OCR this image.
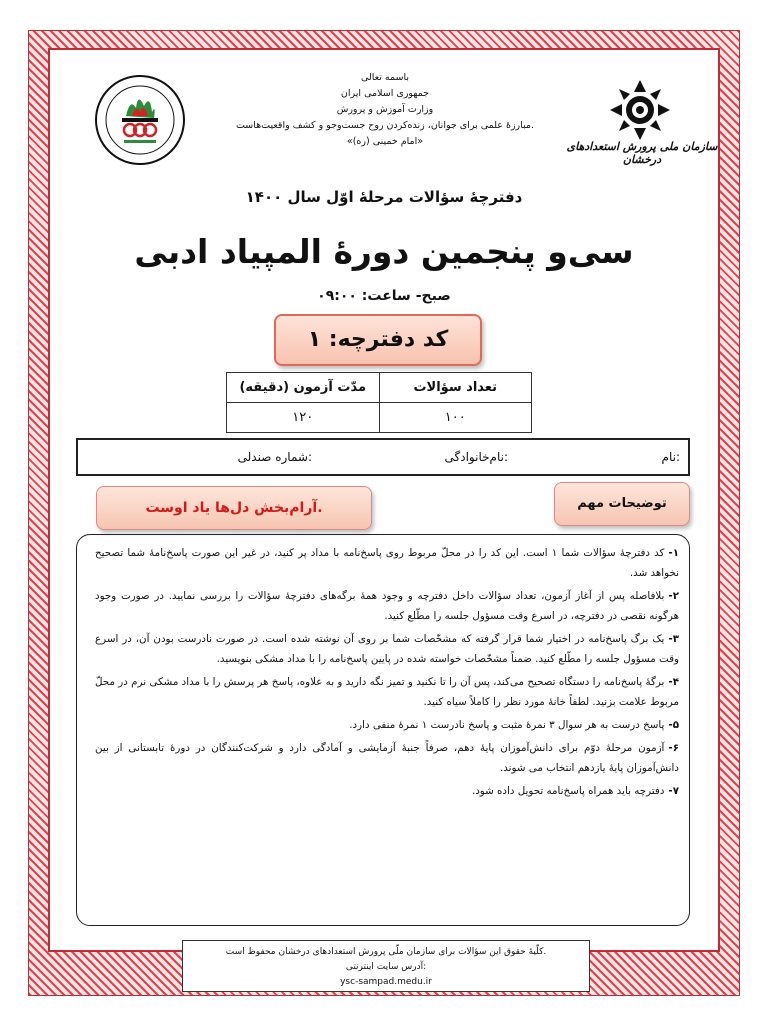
سازمان ملی پرورش استعدادهای درخشان
باسمه تعالی
جمهوری اسلامی ایران
وزارت آموزش و پرورش
مبارزهٔ علمی برای جوانان، زنده‌کردن روح جست‌وجو و کشف واقعیت‌هاست.
«امام خمینی (ره)»
دفترچهٔ سؤالات مرحلهٔ اوّل سال ۱۴۰۰
سی‌و پنجمین دورهٔ المپیاد ادبی
صبح- ساعت: ۰۹:۰۰
کد دفترچه: ۱
مدّت آزمون (دقیقه)	تعداد سؤالات
۱۲۰	۱۰۰
نام:
نام‌خانوادگی:
شماره صندلی:
توضیحات مهم
آرام‌بخش دل‌ها یاد اوست.
۱-کد دفترچهٔ سؤالات شما ۱ است. این کد را در محلّ مربوط روی پاسخ‌نامه با مداد پر کنید، در غیر این صورت پاسخ‌نامهٔ شما تصحیح نخواهد شد.
۲-بلافاصله پس از آغاز آزمون، تعداد سؤالات داخل دفترچه و وجود همهٔ برگه‌های دفترچهٔ سؤالات را بررسی نمایید. در صورت وجود هرگونه نقصی در دفترچه، در اسرع وقت مسؤول جلسه را مطّلع کنید.
۳-یک برگ پاسخ‌نامه در اختیار شما قرار گرفته که مشخّصات شما بر روی آن نوشته شده است. در صورت نادرست بودن آن، در اسرع وقت مسؤول جلسه را مطّلع کنید. ضمناً مشخّصات خواسته شده در پایین پاسخ‌نامه را با مداد مشکی بنویسید.
۴-برگهٔ پاسخ‌نامه را دستگاه تصحیح می‌کند، پس آن را تا نکنید و تمیز نگه دارید و به علاوه، پاسخ هر پرسش را با مداد مشکی نرم در محلّ مربوط علامت بزنید. لطفاً خانهٔ مورد نظر را کاملاً سیاه کنید.
۵-پاسخ درست به هر سوال ۳ نمرهٔ مثبت و پاسخ نادرست ۱ نمرهٔ منفی دارد.
۶-آزمون مرحلهٔ دوّم برای دانش‌آموزان پایهٔ دهم، صرفاً جنبهٔ آزمایشی و آمادگی دارد و شرکت‌کنندگان در دورهٔ تابستانی از بین دانش‌آموزان پایهٔ یازدهم انتخاب می شوند.
۷-دفترچه باید همراه پاسخ‌نامه تحویل داده شود.
کلّیهٔ حقوق این سؤالات برای سازمان ملّی پرورش استعدادهای درخشان محفوظ است.
آدرس سایت اینترنتی:
ysc-sampad.medu.ir
